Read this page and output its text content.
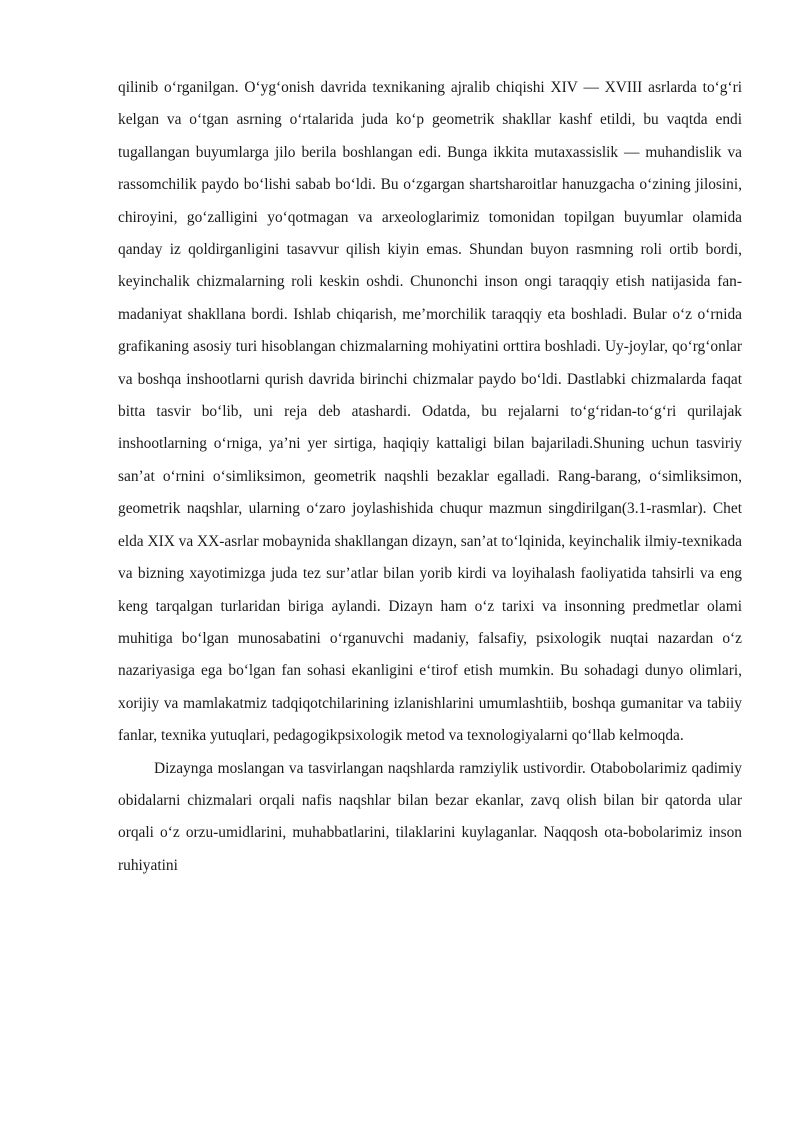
qilinib o‘rganilgan. O‘yg‘onish davrida texnikaning ajralib chiqishi XIV — XVIII asrlarda to‘g‘ri kelgan va o‘tgan asrning o‘rtalarida juda ko‘p geometrik shakllar kashf etildi, bu vaqtda endi tugallangan buyumlarga jilo berila boshlangan edi. Bunga ikkita mutaxassislik — muhandislik va rassomchilik paydo bo‘lishi sabab bo‘ldi. Bu o‘zgargan shartsharoitlar hanuzgacha o‘zining jilosini, chiroyini, go‘zalligini yo‘qotmagan va arxeologlarimiz tomonidan topilgan buyumlar olamida qanday iz qoldirganligini tasavvur qilish kiyin emas. Shundan buyon rasmning roli ortib bordi, keyinchalik chizmalarning roli keskin oshdi. Chunonchi inson ongi taraqqiy etish natijasida fan-madaniyat shakllana bordi. Ishlab chiqarish, me’morchilik taraqqiy eta boshladi. Bular o‘z o‘rnida grafikaning asosiy turi hisoblangan chizmalarning mohiyatini orttira boshladi. Uy-joylar, qo‘rg‘onlar va boshqa inshootlarni qurish davrida birinchi chizmalar paydo bo‘ldi. Dastlabki chizmalarda faqat bitta tasvir bo‘lib, uni reja deb atashardi. Odatda, bu rejalarni to‘g‘ridan-to‘g‘ri qurilajak inshootlarning o‘rniga, ya’ni yer sirtiga, haqiqiy kattaligi bilan bajariladi.Shuning uchun tasviriy san’at o‘rnini o‘simliksimon, geometrik naqshli bezaklar egalladi. Rang-barang, o‘simliksimon, geometrik naqshlar, ularning o‘zaro joylashishida chuqur mazmun singdirilgan(3.1-rasmlar). Chet elda XIX va XX-asrlar mobaynida shakllangan dizayn, san’at to‘lqinida, keyinchalik ilmiy-texnikada va bizning xayotimizga juda tez sur’atlar bilan yorib kirdi va loyihalash faoliyatida tahsirli va eng keng tarqalgan turlaridan biriga aylandi. Dizayn ham o‘z tarixi va insonning predmetlar olami muhitiga bo‘lgan munosabatini o‘rganuvchi madaniy, falsafiy, psixologik nuqtai nazardan o‘z nazariyasiga ega bo‘lgan fan sohasi ekanligini e‘tirof etish mumkin. Bu sohadagi dunyo olimlari, xorijiy va mamlakatmiz tadqiqotchilarining izlanishlarini umumlashtiib, boshqa gumanitar va tabiiy fanlar, texnika yutuqlari, pedagogikpsixologik metod va texnologiyalarni qo‘llab kelmoqda.

Dizaynga moslangan va tasvirlangan naqshlarda ramziylik ustivordir. Otabobolarimiz qadimiy obidalarni chizmalari orqali nafis naqshlar bilan bezar ekanlar, zavq olish bilan bir qatorda ular orqali o‘z orzu-umidlarini, muhabbatlarini, tilaklarini kuylaganlar. Naqqosh ota-bobolarimiz inson ruhiyatini
